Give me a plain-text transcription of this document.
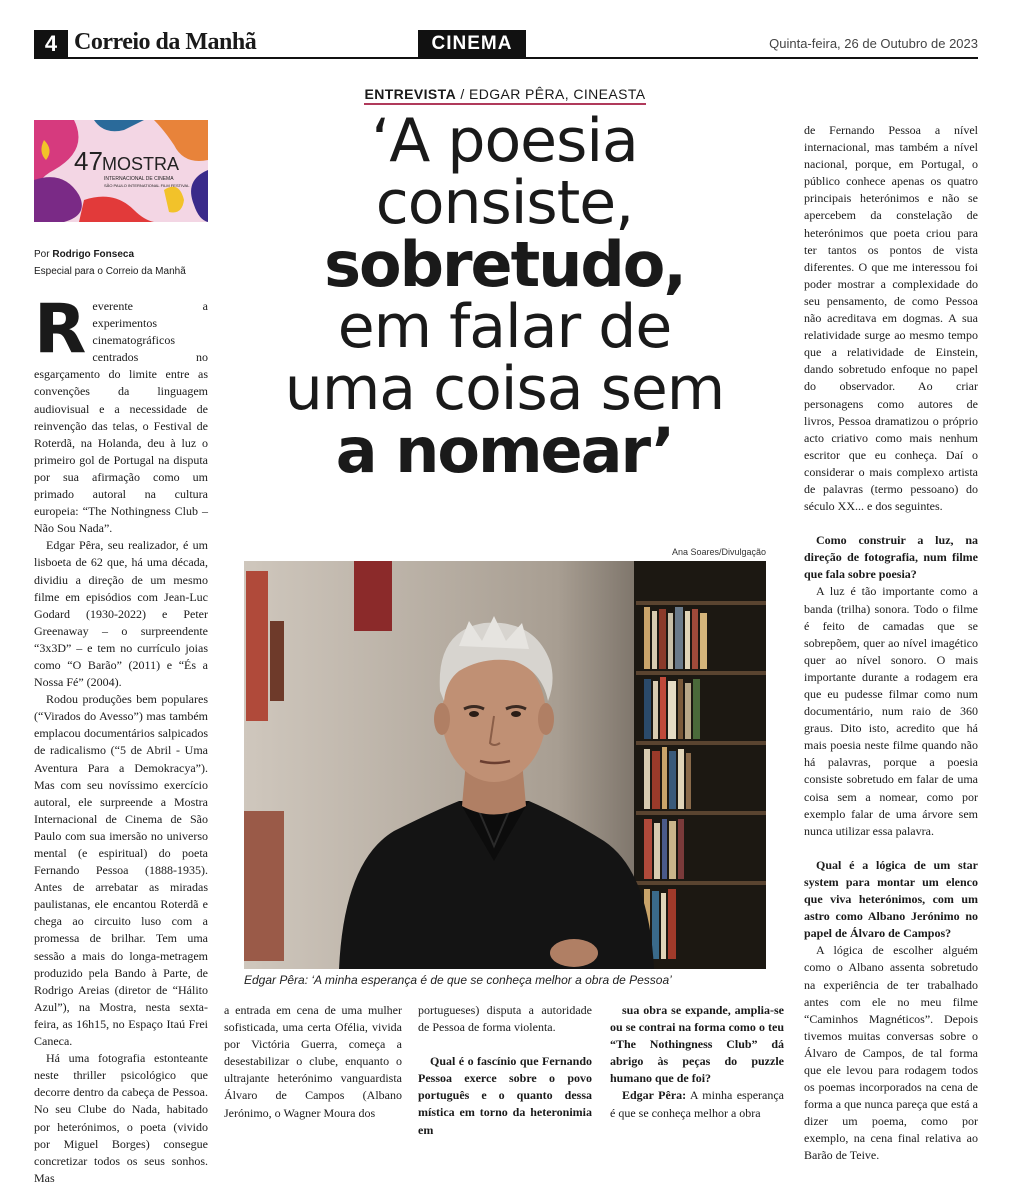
4 Correio da Manhã	CINEMA	Quinta-feira, 26 de Outubro de 2023
ENTREVISTA / EDGAR PÊRA, CINEASTA
‘A poesia
consiste,
sobretudo,
em falar de
uma coisa sem
a nomear’
47 MOSTRA
INTERNACIONAL DE CINEMA
SÃO PAULO INTERNATIONAL FILM FESTIVAL
Por Rodrigo Fonseca
Especial para o Correio da Manhã

Reverente a experimentos cinematográficos centrados no esgarçamento do limite entre as convenções da linguagem audiovisual e a necessidade de reinvenção das telas, o Festival de Roterdã, na Holanda, deu à luz o primeiro gol de Portugal na disputa por sua afirmação como um primado autoral na cultura europeia: “The Nothingness Club – Não Sou Nada”.

Edgar Pêra, seu realizador, é um lisboeta de 62 que, há uma década, dividiu a direção de um mesmo filme em episódios com Jean-Luc Godard (1930-2022) e Peter Greenaway – o surpreendente “3x3D” – e tem no currículo joias como “O Barão” (2011) e “És a Nossa Fé” (2004).

Rodou produções bem populares (“Virados do Avesso”) mas também emplacou documentários salpicados de radicalismo (“5 de Abril - Uma Aventura Para a Demokracya”). Mas com seu novíssimo exercício autoral, ele surpreende a Mostra Internacional de Cinema de São Paulo com sua imersão no universo mental (e espiritual) do poeta Fernando Pessoa (1888-1935). Antes de arrebatar as miradas paulistanas, ele encantou Roterdã e chega ao circuito luso com a promessa de brilhar. Tem uma sessão a mais do longa-metragem produzido pela Bando à Parte, de Rodrigo Areias (diretor de “Hálito Azul”), na Mostra, nesta sexta-feira, as 16h15, no Espaço Itaú Frei Caneca.

Há uma fotografia estonteante neste thriller psicológico que decorre dentro da cabeça de Pessoa. No seu Clube do Nada, habitado por heterónimos, o poeta (vivido por Miguel Borges) consegue concretizar todos os seus sonhos. Mas

Ana Soares/Divulgação
Edgar Pêra: ‘A minha esperança é de que se conheça melhor a obra de Pessoa’

a entrada em cena de uma mulher sofisticada, uma certa Ofélia, vivida por Victória Guerra, começa a desestabilizar o clube, enquanto o ultrajante heterónimo vanguardista Álvaro de Campos (Albano Jerónimo, o Wagner Moura dos

portugueses) disputa a autoridade de Pessoa de forma violenta.

Qual é o fascínio que Fernando Pessoa exerce sobre o povo português e o quanto dessa mística em torno da heteronimia em

sua obra se expande, amplia-se ou se contrai na forma como o teu “The Nothingness Club” dá abrigo às peças do puzzle humano que de foi?

Edgar Pêra: A minha esperança é que se conheça melhor a obra

de Fernando Pessoa a nível internacional, mas também a nível nacional, porque, em Portugal, o público conhece apenas os quatro principais heterónimos e não se apercebem da constelação de heterónimos que poeta criou para ter tantos os pontos de vista diferentes. O que me interessou foi poder mostrar a complexidade do seu pensamento, de como Pessoa não acreditava em dogmas. A sua relatividade surge ao mesmo tempo que a relatividade de Einstein, dando sobretudo enfoque no papel do observador. Ao criar personagens como autores de livros, Pessoa dramatizou o próprio acto criativo como mais nenhum escritor que eu conheça. Daí o considerar o mais complexo artista de palavras (termo pessoano) do século XX... e dos seguintes.

Como construir a luz, na direção de fotografia, num filme que fala sobre poesia?

A luz é tão importante como a banda (trilha) sonora. Todo o filme é feito de camadas que se sobrepõem, quer ao nível imagético quer ao nível sonoro. O mais importante durante a rodagem era que eu pudesse filmar como num documentário, num raio de 360 graus. Dito isto, acredito que há mais poesia neste filme quando não há palavras, porque a poesia consiste sobretudo em falar de uma coisa sem a nomear, como por exemplo falar de uma árvore sem nunca utilizar essa palavra.

Qual é a lógica de um star system para montar um elenco que viva heterónimos, com um astro como Albano Jerónimo no papel de Álvaro de Campos?

A lógica de escolher alguém como o Albano assenta sobretudo na experiência de ter trabalhado antes com ele no meu filme “Caminhos Magnéticos”. Depois tivemos muitas conversas sobre o Álvaro de Campos, de tal forma que ele levou para rodagem todos os poemas incorporados na cena de forma a que nunca pareça que está a dizer um poema, como por exemplo, na cena final relativa ao Barão de Teive.
